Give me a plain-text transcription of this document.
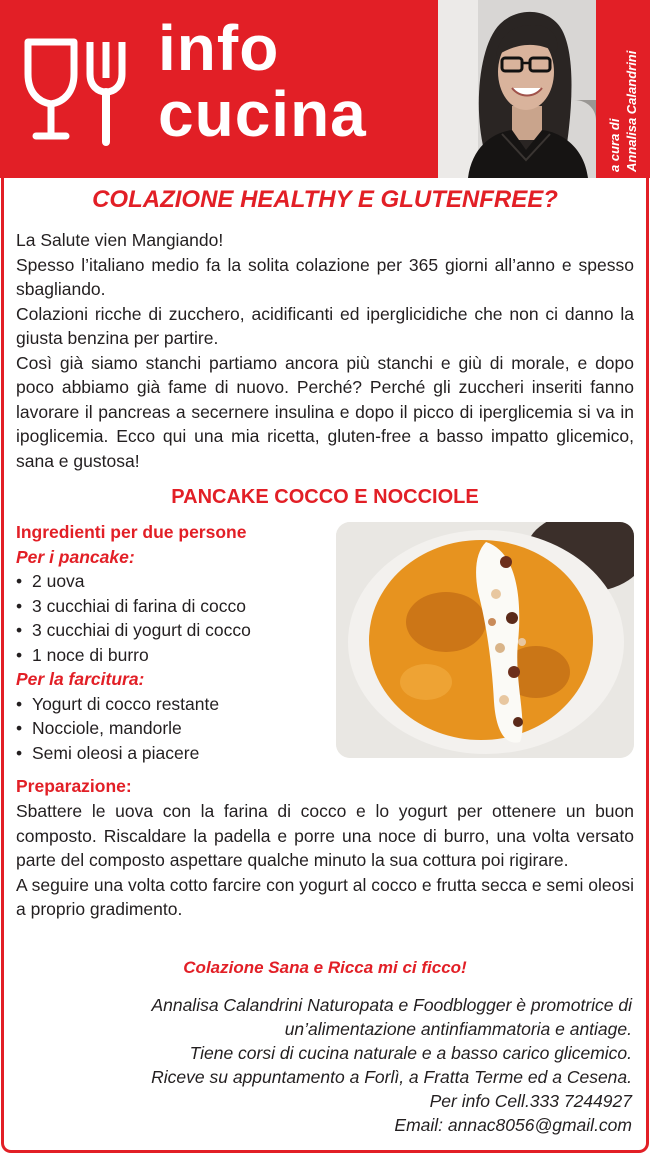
info
cucina	a cura di Annalisa Calandrini
COLAZIONE HEALTHY E GLUTENFREE?

La Salute vien Mangiando!

Spesso l’italiano medio fa la solita colazione per 365 giorni all’anno e spesso sbagliando.

Colazioni ricche di zucchero, acidificanti ed iperglicidiche che non ci danno la giusta benzina per partire.

Così già siamo stanchi partiamo ancora più stanchi e giù di morale, e dopo poco abbiamo già fame di nuovo. Perché? Perché gli zuccheri inseriti fanno lavorare il pancreas a secernere insulina e dopo il picco di iperglicemia si va in ipoglicemia. Ecco qui una mia ricetta, gluten-free a basso impatto glicemico, sana e gustosa!

PANCAKE COCCO E NOCCIOLE
Ingredienti per due persone
Per i pancake:
• 2 uova
• 3 cucchiai di farina di cocco
• 3 cucchiai di yogurt di cocco
• 1 noce di burro
Per la farcitura:
• Yogurt di cocco restante
• Nocciole, mandorle
• Semi oleosi a piacere
Preparazione:

Sbattere le uova con la farina di cocco e lo yogurt per ottenere un buon composto. Riscaldare la padella e porre una noce di burro, una volta versato parte del composto aspettare qualche minuto la sua cottura poi rigirare.

A seguire una volta cotto farcire con yogurt al cocco e frutta secca e semi oleosi a proprio gradimento.

Colazione Sana e Ricca mi ci ficco!
Annalisa Calandrini Naturopata e Foodblogger è promotrice di
un’alimentazione antinfiammatoria e antiage.
Tiene corsi di cucina naturale e a basso carico glicemico.
Riceve su appuntamento a Forlì, a Fratta Terme ed a Cesena.
Per info Cell.333 7244927
Email: annac8056@gmail.com
